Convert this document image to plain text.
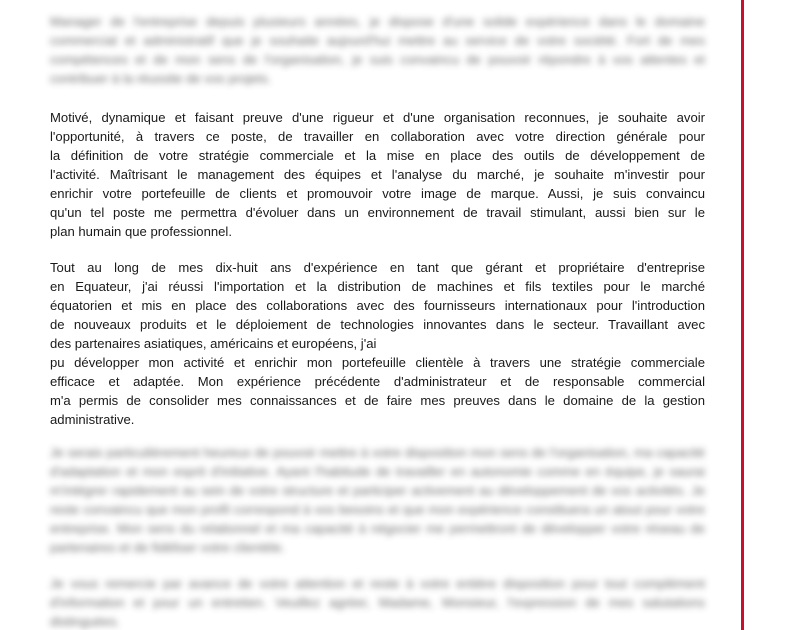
Manager de l'entreprise depuis plusieurs années, je dispose d'une solide expérience dans le domaine commercial et administratif que je souhaite aujourd'hui mettre au service de votre société. Fort de mes compétences et de mon sens de l'organisation, je suis convaincu de pouvoir répondre à vos attentes et contribuer à la réussite de vos projets.

Motivé, dynamique et faisant preuve d'une rigueur et d'une organisation reconnues, je souhaite avoir
l'opportunité, à travers ce poste, de travailler en collaboration avec votre direction générale pour
la définition de votre stratégie commerciale et la mise en place des outils de développement de
l'activité. Maîtrisant le management des équipes et l'analyse du marché, je souhaite m'investir pour
enrichir votre portefeuille de clients et promouvoir votre image de marque. Aussi, je suis convaincu
qu'un tel poste me permettra d'évoluer dans un environnement de travail stimulant, aussi bien sur le
plan humain que professionnel.
Tout au long de mes dix-huit ans d'expérience en tant que gérant et propriétaire d'entreprise
en Equateur, j'ai réussi l'importation et la distribution de machines et fils textiles pour le marché
équatorien et mis en place des collaborations avec des fournisseurs internationaux pour l'introduction
de nouveaux produits et le déploiement de technologies innovantes dans le secteur. Travaillant avec
des partenaires asiatiques, américains et européens, j'ai
pu développer mon activité et enrichir mon portefeuille clientèle à travers une stratégie commerciale
efficace et adaptée. Mon expérience précédente d'administrateur et de responsable commercial
m'a permis de consolider mes connaissances et de faire mes preuves dans le domaine de la gestion
administrative.

Je serais particulièrement heureux de pouvoir mettre à votre disposition mon sens de l'organisation, ma capacité d'adaptation et mon esprit d'initiative. Ayant l'habitude de travailler en autonomie comme en équipe, je saurai m'intégrer rapidement au sein de votre structure et participer activement au développement de vos activités. Je reste convaincu que mon profil correspond à vos besoins et que mon expérience constituera un atout pour votre entreprise. Mon sens du relationnel et ma capacité à négocier me permettront de développer votre réseau de partenaires et de fidéliser votre clientèle.

Je vous remercie par avance de votre attention et reste à votre entière disposition pour tout complément d'information et pour un entretien. Veuillez agréer, Madame, Monsieur, l'expression de mes salutations distinguées.
